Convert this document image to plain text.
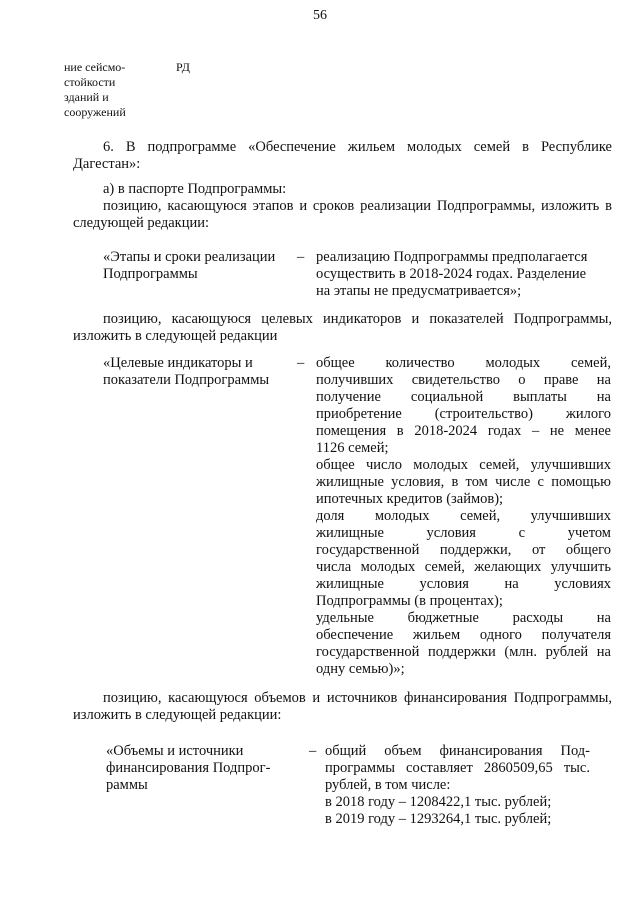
56
ние сейсмо-
стойкости
зданий и
сооружений
РД
6. В подпрограмме «Обеспечение жильем молодых семей в Республике Дагестан»:
а) в паспорте Подпрограммы:
позицию, касающуюся этапов и сроков реализации Подпрограммы, изложить в следующей редакции:
«Этапы и сроки реализации
Подпрограммы
– реализацию Подпрограммы предполагается
осуществить в 2018-2024 годах. Разделение
на этапы не предусматривается»;
позицию, касающуюся целевых индикаторов и показателей Подпрограммы, изложить в следующей редакции
«Целевые индикаторы и
показатели Подпрограммы
– общее количество молодых семей,
получивших свидетельство о праве на
получение социальной выплаты на
приобретение (строительство) жилого
помещения в 2018-2024 годах – не менее
1126 семей;
общее число молодых семей, улучшивших
жилищные условия, в том числе с помощью
ипотечных кредитов (займов);
доля молодых семей, улучшивших
жилищные условия с учетом
государственной поддержки, от общего
числа молодых семей, желающих улучшить
жилищные условия на условиях
Подпрограммы (в процентах);
удельные бюджетные расходы на
обеспечение жильем одного получателя
государственной поддержки (млн. рублей на
одну семью)»;
позицию, касающуюся объемов и источников финансирования Подпрограммы, изложить в следующей редакции:
«Объемы и источники
финансирования Подпрог-
раммы
– общий объем финансирования Под-
программы составляет 2860509,65 тыс.
рублей, в том числе:
в 2018 году – 1208422,1 тыс. рублей;
в 2019 году – 1293264,1 тыс. рублей;
